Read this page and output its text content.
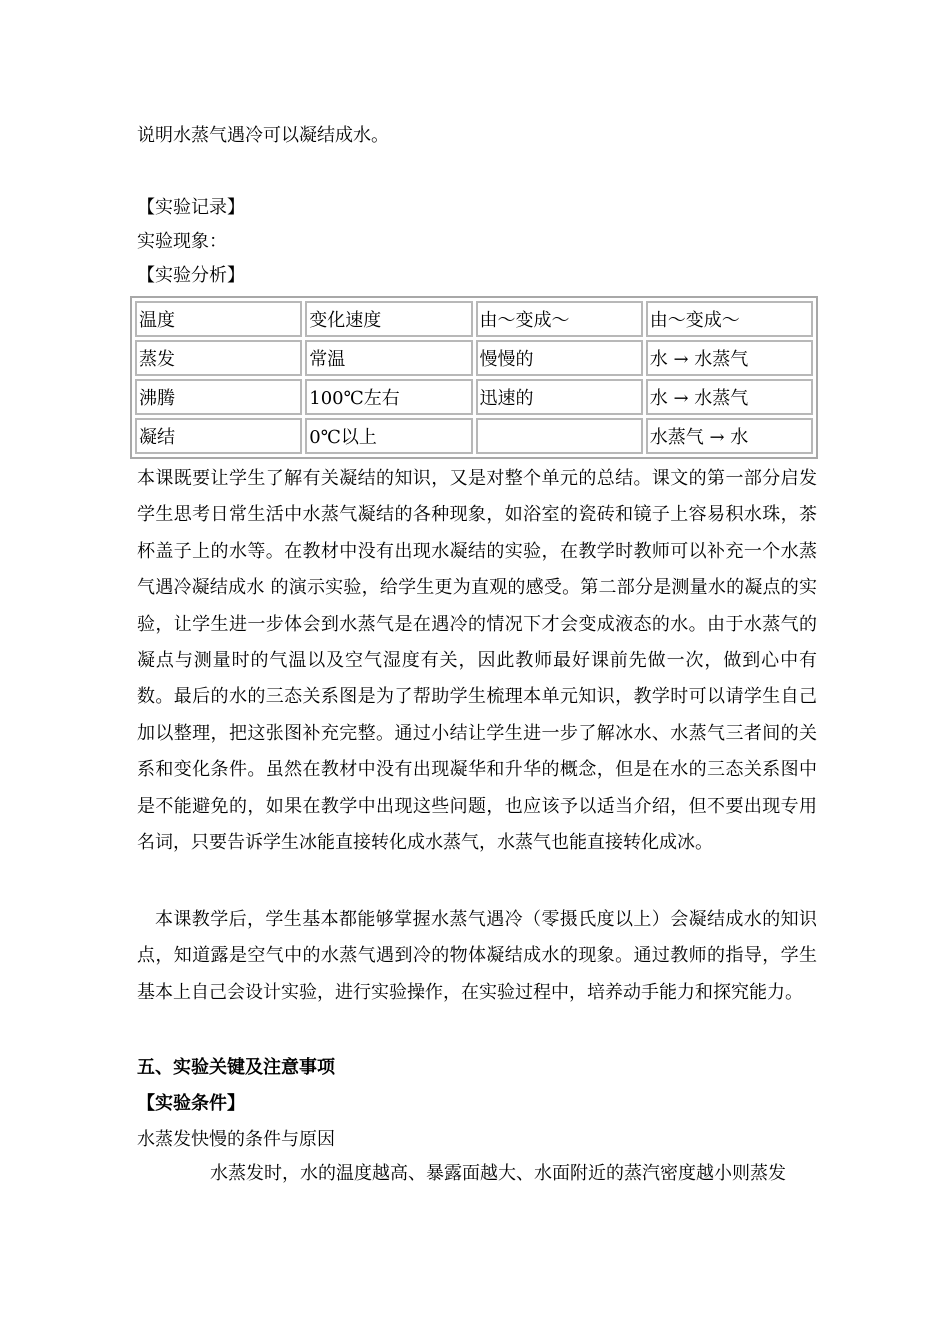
说明水蒸气遇冷可以凝结成水。
【实验记录】
实验现象：
【实验分析】
温度	变化速度	由～变成～	由～变成～
蒸发	常温	慢慢的	水 → 水蒸气
沸腾	100℃左右	迅速的	水 → 水蒸气
凝结	0℃以上		水蒸气 → 水

本课既要让学生了解有关凝结的知识，又是对整个单元的总结。课文的第一部分启发学生思考日常生活中水蒸气凝结的各种现象，如浴室的瓷砖和镜子上容易积水珠，茶杯盖子上的水等。在教材中没有出现水凝结的实验，在教学时教师可以补充一个水蒸气遇冷凝结成水 的演示实验，给学生更为直观的感受。第二部分是测量水的凝点的实验，让学生进一步体会到水蒸气是在遇冷的情况下才会变成液态的水。由于水蒸气的凝点与测量时的气温以及空气湿度有关，因此教师最好课前先做一次，做到心中有数。最后的水的三态关系图是为了帮助学生梳理本单元知识，教学时可以请学生自己加以整理，把这张图补充完整。通过小结让学生进一步了解冰水、水蒸气三者间的关系和变化条件。虽然在教材中没有出现凝华和升华的概念，但是在水的三态关系图中是不能避免的，如果在教学中出现这些问题，也应该予以适当介绍，但不要出现专用名词，只要告诉学生冰能直接转化成水蒸气，水蒸气也能直接转化成冰。

本课教学后，学生基本都能够掌握水蒸气遇冷（零摄氏度以上）会凝结成水的知识点，知道露是空气中的水蒸气遇到冷的物体凝结成水的现象。通过教师的指导，学生基本上自己会设计实验，进行实验操作，在实验过程中，培养动手能力和探究能力。

五、实验关键及注意事项
【实验条件】
水蒸发快慢的条件与原因
水蒸发时，水的温度越高、暴露面越大、水面附近的蒸汽密度越小则蒸发
